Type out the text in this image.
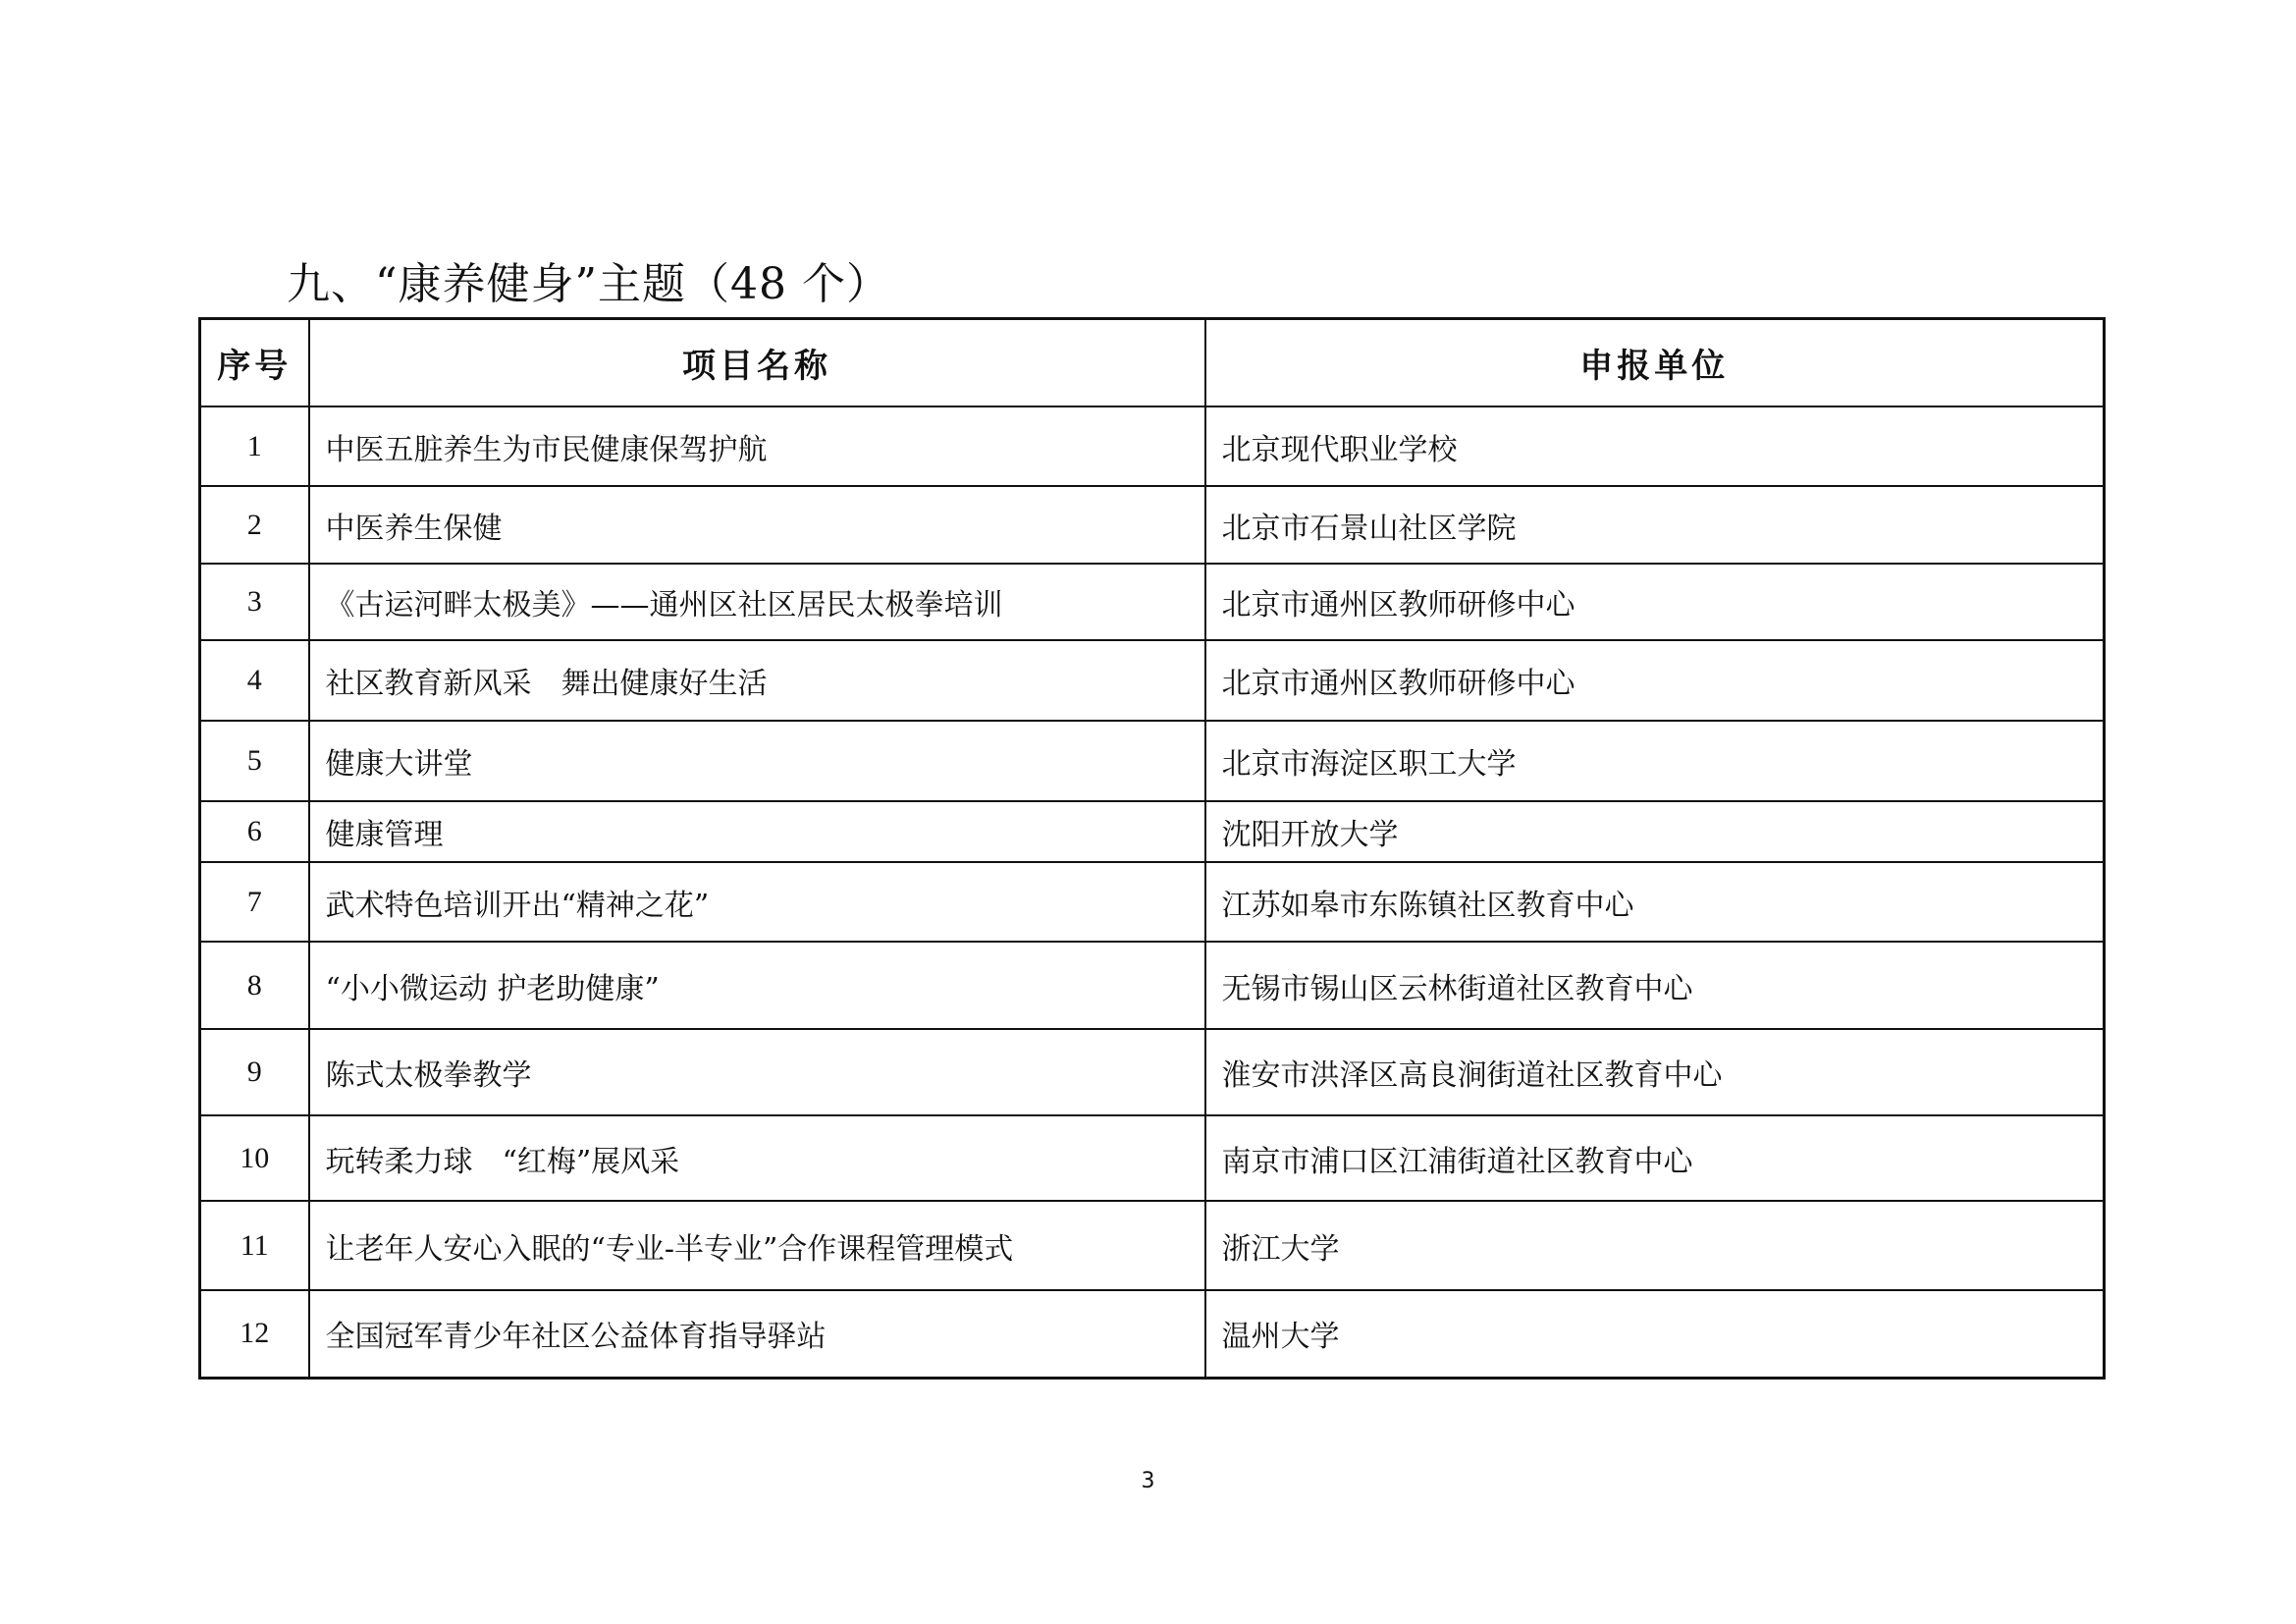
九、“康养健身”主题（48 个）
序号	项目名称	申报单位
1	中医五脏养生为市民健康保驾护航	北京现代职业学校
2	中医养生保健	北京市石景山社区学院
3	《古运河畔太极美》——通州区社区居民太极拳培训	北京市通州区教师研修中心
4	社区教育新风采　舞出健康好生活	北京市通州区教师研修中心
5	健康大讲堂	北京市海淀区职工大学
6	健康管理	沈阳开放大学
7	武术特色培训开出“精神之花”	江苏如皋市东陈镇社区教育中心
8	“小小微运动 护老助健康”	无锡市锡山区云林街道社区教育中心
9	陈式太极拳教学	淮安市洪泽区高良涧街道社区教育中心
10	玩转柔力球　“红梅”展风采	南京市浦口区江浦街道社区教育中心
11	让老年人安心入眠的“专业-半专业”合作课程管理模式	浙江大学
12	全国冠军青少年社区公益体育指导驿站	温州大学
3
